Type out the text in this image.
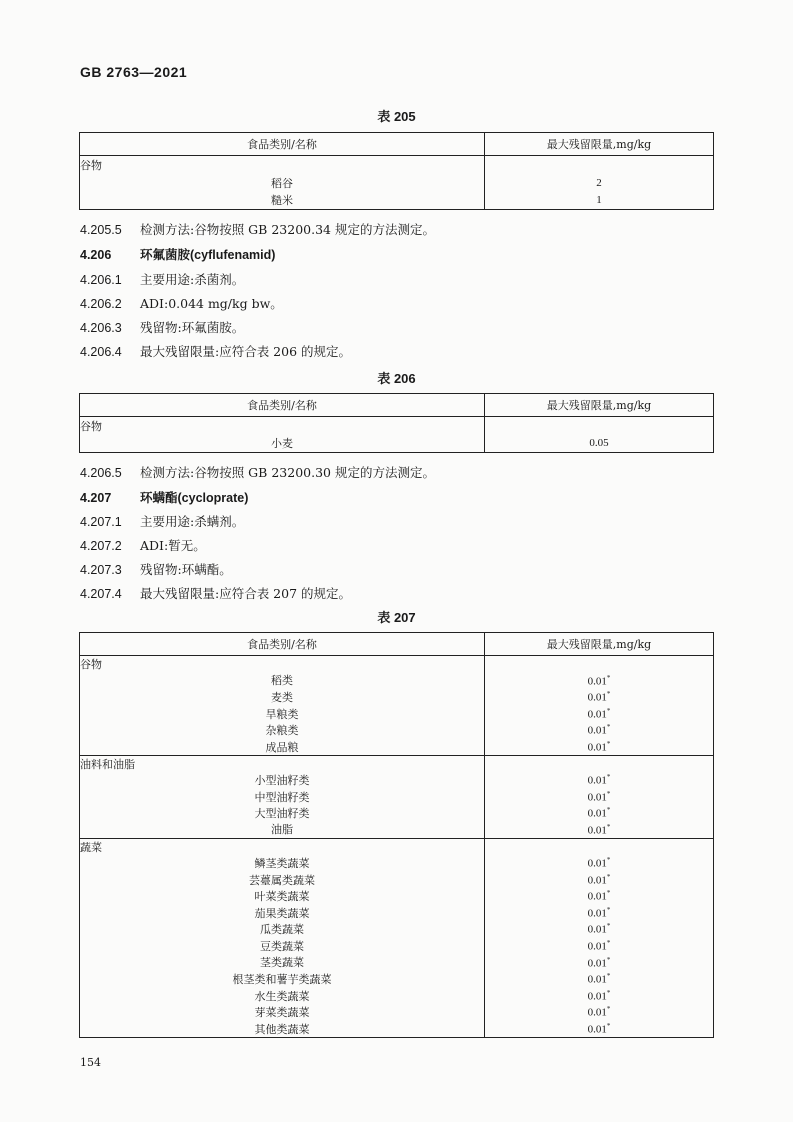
GB 2763—2021
表 205
食品类别/名称	最大残留限量,mg/kg
谷物	
稻谷	2
糙米	1
4.205.5 检测方法:谷物按照 GB 23200.34 规定的方法测定。
4.206 环氟菌胺(cyflufenamid)
4.206.1 主要用途:杀菌剂。
4.206.2 ADI:0.044 mg/kg bw。
4.206.3 残留物:环氟菌胺。
4.206.4 最大残留限量:应符合表 206 的规定。
表 206
食品类别/名称	最大残留限量,mg/kg
谷物	
小麦	0.05
4.206.5 检测方法:谷物按照 GB 23200.30 规定的方法测定。
4.207 环螨酯(cycloprate)
4.207.1 主要用途:杀螨剂。
4.207.2 ADI:暂无。
4.207.3 残留物:环螨酯。
4.207.4 最大残留限量:应符合表 207 的规定。
表 207
食品类别/名称	最大残留限量,mg/kg
谷物	
稻类	0.01*
麦类	0.01*
旱粮类	0.01*
杂粮类	0.01*
成品粮	0.01*
油料和油脂	
小型油籽类	0.01*
中型油籽类	0.01*
大型油籽类	0.01*
油脂	0.01*
蔬菜	
鳞茎类蔬菜	0.01*
芸薹属类蔬菜	0.01*
叶菜类蔬菜	0.01*
茄果类蔬菜	0.01*
瓜类蔬菜	0.01*
豆类蔬菜	0.01*
茎类蔬菜	0.01*
根茎类和薯芋类蔬菜	0.01*
水生类蔬菜	0.01*
芽菜类蔬菜	0.01*
其他类蔬菜	0.01*
154
